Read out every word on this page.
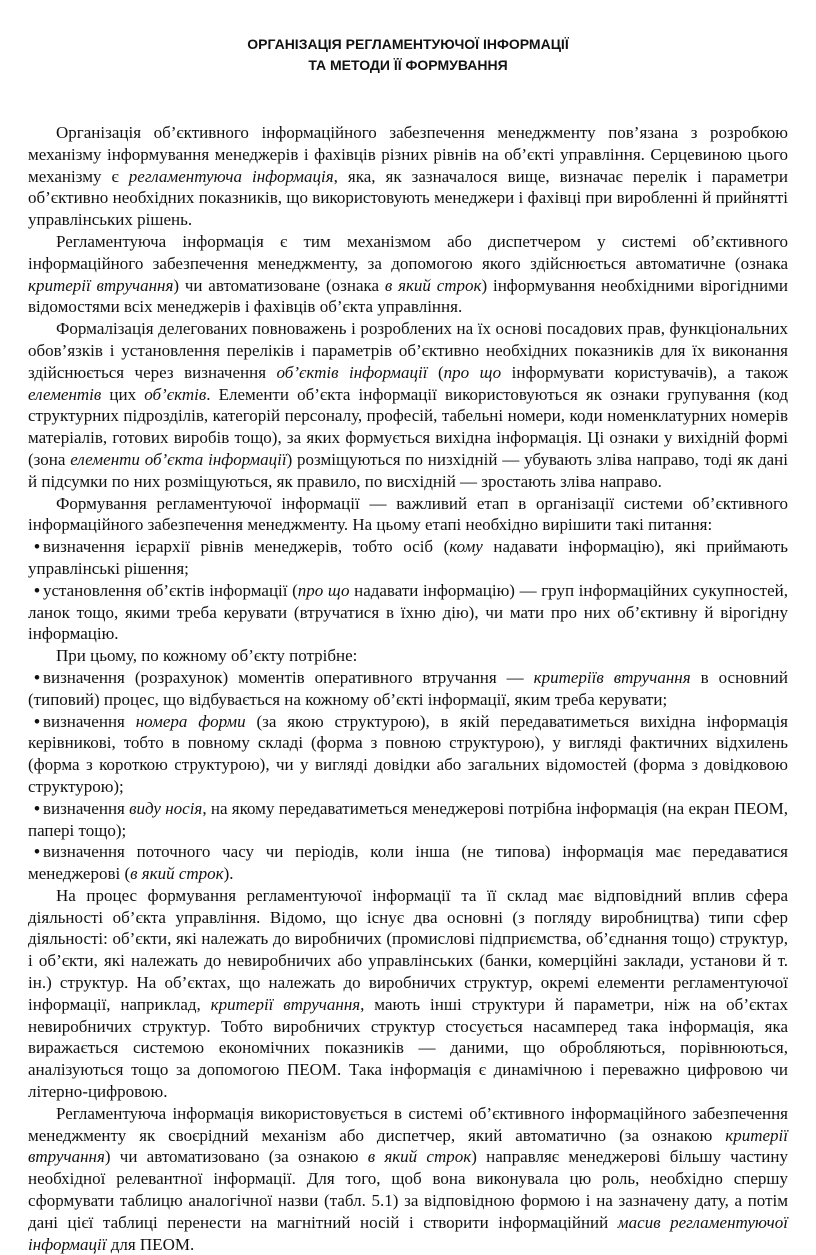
ОРГАНІЗАЦІЯ РЕГЛАМЕНТУЮЧОЇ ІНФОРМАЦІЇ
ТА МЕТОДИ ЇЇ ФОРМУВАННЯ

Організація об’єктивного інформаційного забезпечення менеджменту пов’язана з розробкою механізму інформування менеджерів і фахівців різних рівнів на об’єкті управління. Серцевиною цього механізму є регламентуюча інформація, яка, як зазначалося вище, визначає перелік і параметри об’єктивно необхідних показників, що використовують менеджери і фахівці при виробленні й прийнятті управлінських рішень.

Регламентуюча інформація є тим механізмом або диспетчером у системі об’єктивного інформаційного забезпечення менеджменту, за допомогою якого здійснюється автоматичне (ознака критерії втручання) чи автоматизоване (ознака в який строк) інформування необхідними вірогідними відомостями всіх менеджерів і фахівців об’єкта управління.

Формалізація делегованих повноважень і розроблених на їх основі посадових прав, функціональних обов’язків і установлення переліків і параметрів об’єктивно необхідних показників для їх виконання здійснюється через визначення об’єктів інформації (про що інформувати користувачів), а також елементів цих об’єктів. Елементи об’єкта інформації використовуються як ознаки групування (код структурних підрозділів, категорій персоналу, професій, табельні номери, коди номенклатурних номерів матеріалів, готових виробів тощо), за яких формується вихідна інформація. Ці ознаки у вихідній формі (зона елементи об’єкта інформації) розміщуються по низхідній — убувають зліва направо, тоді як дані й підсумки по них розміщуються, як правило, по висхідній — зростають зліва направо.

Формування регламентуючої інформації — важливий етап в організації системи об’єктивного інформаційного забезпечення менеджменту. На цьому етапі необхідно вирішити такі питання:

• визначення ієрархії рівнів менеджерів, тобто осіб (кому надавати інформацію), які приймають управлінські рішення;

• установлення об’єктів інформації (про що надавати інформацію) — груп інформаційних сукупностей, ланок тощо, якими треба керувати (втручатися в їхню дію), чи мати про них об’єктивну й вірогідну інформацію.

При цьому, по кожному об’єкту потрібне:

• визначення (розрахунок) моментів оперативного втручання — критеріїв втручання в основний (типовий) процес, що відбувається на кожному об’єкті інформації, яким треба керувати;

• визначення номера форми (за якою структурою), в якій передаватиметься вихідна інформація керівникові, тобто в повному складі (форма з повною структурою), у вигляді фактичних відхилень (форма з короткою структурою), чи у вигляді довідки або загальних відомостей (форма з довідковою структурою);

• визначення виду носія, на якому передаватиметься менеджерові потрібна інформація (на екран ПЕОМ, папері тощо);

• визначення поточного часу чи періодів, коли інша (не типова) інформація має передаватися менеджерові (в який строк).

На процес формування регламентуючої інформації та її склад має відповідний вплив сфера діяльності об’єкта управління. Відомо, що існує два основні (з погляду виробництва) типи сфер діяльності: об’єкти, які належать до виробничих (промислові підприємства, об’єднання тощо) структур, і об’єкти, які належать до невиробничих або управлінських (банки, комерційні заклади, установи й т. ін.) структур. На об’єктах, що належать до виробничих структур, окремі елементи регламентуючої інформації, наприклад, критерії втручання, мають інші структури й параметри, ніж на об’єктах невиробничих структур. Тобто виробничих структур стосується насамперед така інформація, яка виражається системою економічних показників — даними, що обробляються, порівнюються, аналізуються тощо за допомогою ПЕОМ. Така інформація є динамічною і переважно цифровою чи літерно-цифровою.

Регламентуюча інформація використовується в системі об’єктивного інформаційного забезпечення менеджменту як своєрідний механізм або диспетчер, який автоматично (за ознакою критерії втручання) чи автоматизовано (за ознакою в який строк) направляє менеджерові більшу частину необхідної релевантної інформації. Для того, щоб вона виконувала цю роль, необхідно спершу сформувати таблицю аналогічної назви (табл. 5.1) за відповідною формою і на зазначену дату, а потім дані цієї таблиці перенести на магнітний носій і створити інформаційний масив регламентуючої інформації для ПЕОМ.
